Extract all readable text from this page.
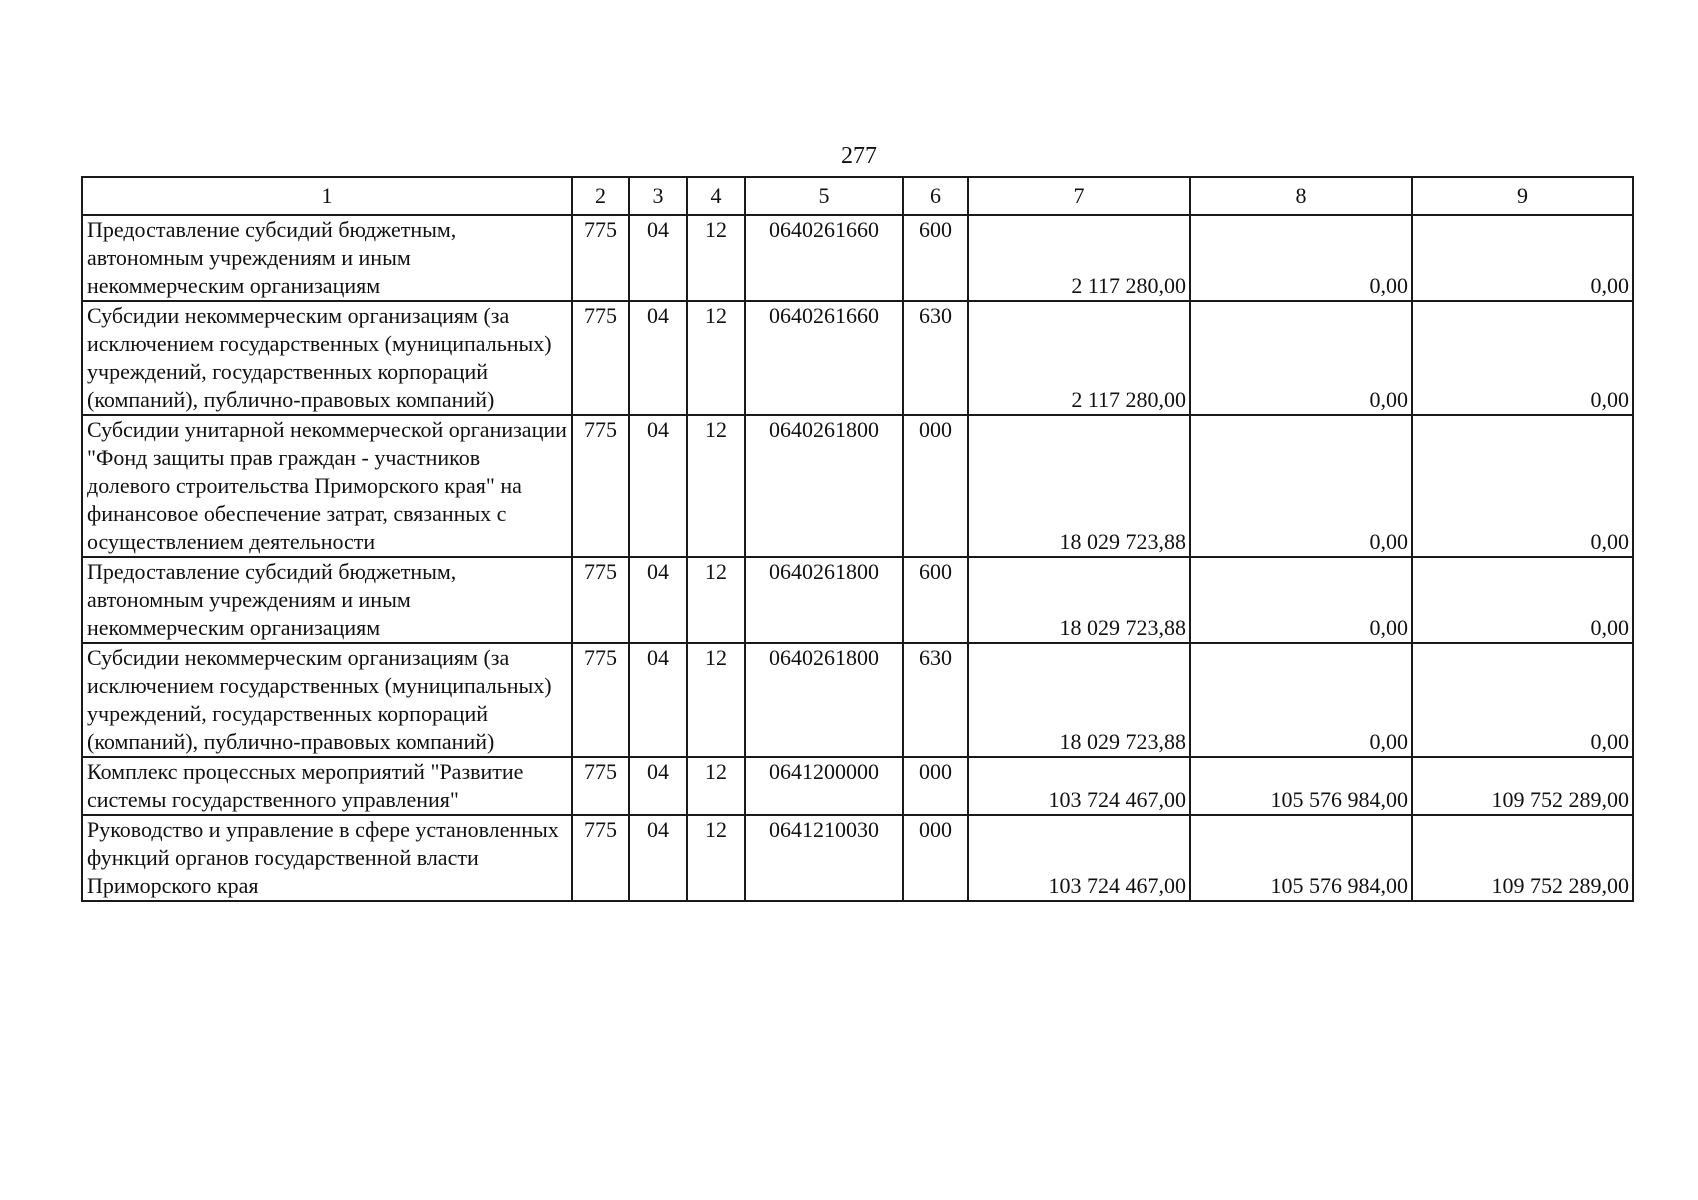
277
1	2	3	4	5	6	7	8	9
Предоставление субсидий бюджетным, автономным учреждениям и иным некоммерческим организациям	775	04	12	0640261660	600	2 117 280,00	0,00	0,00
Субсидии некоммерческим организациям (за исключением государственных (муниципальных) учреждений, государственных корпораций (компаний), публично-правовых компаний)	775	04	12	0640261660	630	2 117 280,00	0,00	0,00
Субсидии унитарной некоммерческой организации "Фонд защиты прав граждан - участников долевого строительства Приморского края" на финансовое обеспечение затрат, связанных с осуществлением деятельности	775	04	12	0640261800	000	18 029 723,88	0,00	0,00
Предоставление субсидий бюджетным, автономным учреждениям и иным некоммерческим организациям	775	04	12	0640261800	600	18 029 723,88	0,00	0,00
Субсидии некоммерческим организациям (за исключением государственных (муниципальных) учреждений, государственных корпораций (компаний), публично-правовых компаний)	775	04	12	0640261800	630	18 029 723,88	0,00	0,00
Комплекс процессных мероприятий "Развитие системы государственного управления"	775	04	12	0641200000	000	103 724 467,00	105 576 984,00	109 752 289,00
Руководство и управление в сфере установленных функций органов государственной власти Приморского края	775	04	12	0641210030	000	103 724 467,00	105 576 984,00	109 752 289,00
